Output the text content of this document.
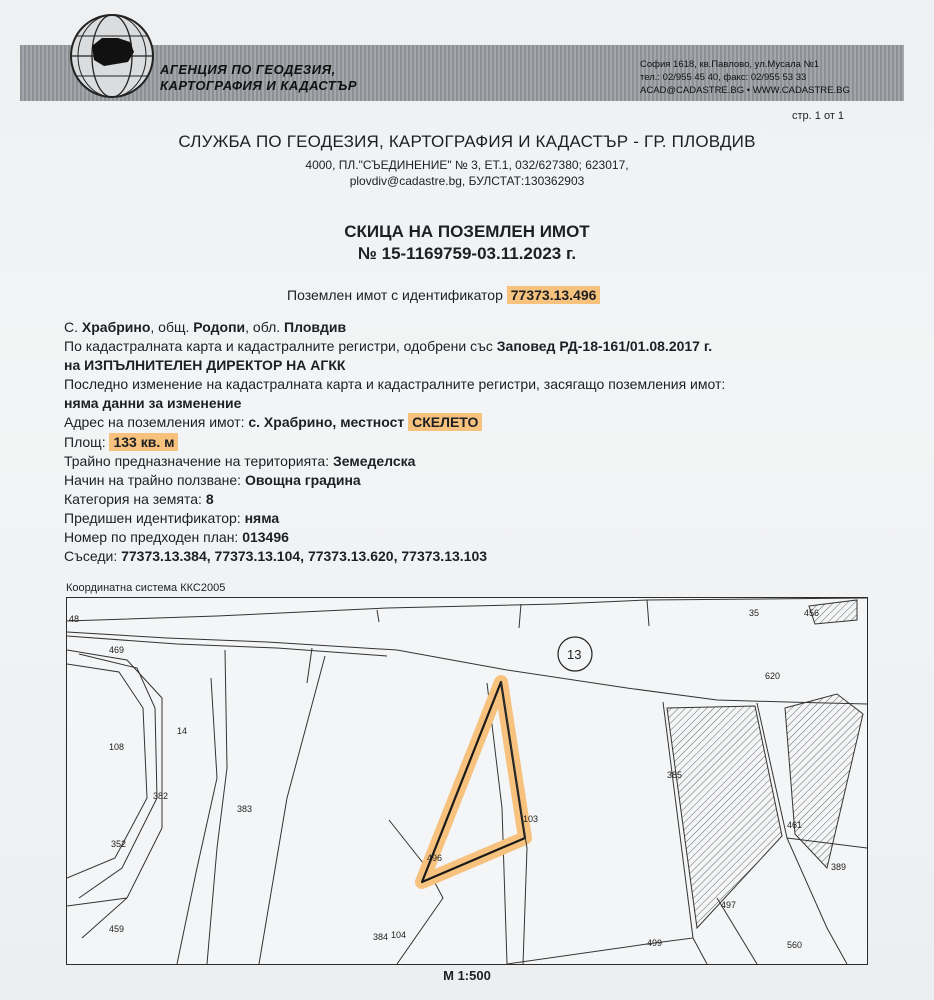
АГЕНЦИЯ ПО ГЕОДЕЗИЯ,
КАРТОГРАФИЯ И КАДАСТЪР
София 1618, кв.Павлово, ул.Мусала №1
тел.: 02/955 45 40, факс: 02/955 53 33
ACAD@CADASTRE.BG • WWW.CADASTRE.BG
стр. 1 от 1
СЛУЖБА ПО ГЕОДЕЗИЯ, КАРТОГРАФИЯ И КАДАСТЪР - ГР. ПЛОВДИВ
4000, ПЛ."СЪЕДИНЕНИЕ" № 3, ЕТ.1, 032/627380; 623017,
plovdiv@cadastre.bg, БУЛСТАТ:130362903
СКИЦА НА ПОЗЕМЛЕН ИМОТ
№ 15-1169759-03.11.2023 г.
Поземлен имот с идентификатор 77373.13.496
С. Храбрино, общ. Родопи, обл. Пловдив
По кадастралната карта и кадастралните регистри, одобрени със Заповед РД-18-161/01.08.2017 г.
на ИЗПЪЛНИТЕЛЕН ДИРЕКТОР НА АГКК
Последно изменение на кадастралната карта и кадастралните регистри, засягащо поземления имот:
няма данни за изменение
Адрес на поземления имот: с. Храбрино, местност СКЕЛЕТО
Площ: 133 кв. м
Трайно предназначение на територията: Земеделска
Начин на трайно ползване: Овощна градина
Категория на земята: 8
Предишен идентификатор: няма
Номер по предходен план: 013496
Съседи: 77373.13.384, 77373.13.104, 77373.13.620, 77373.13.103
Координатна система ККС2005
13
48
469
108
14
382
352
459
383
496
103
384 104
385
35	456
620
461
389
497
499	560
М 1:500
